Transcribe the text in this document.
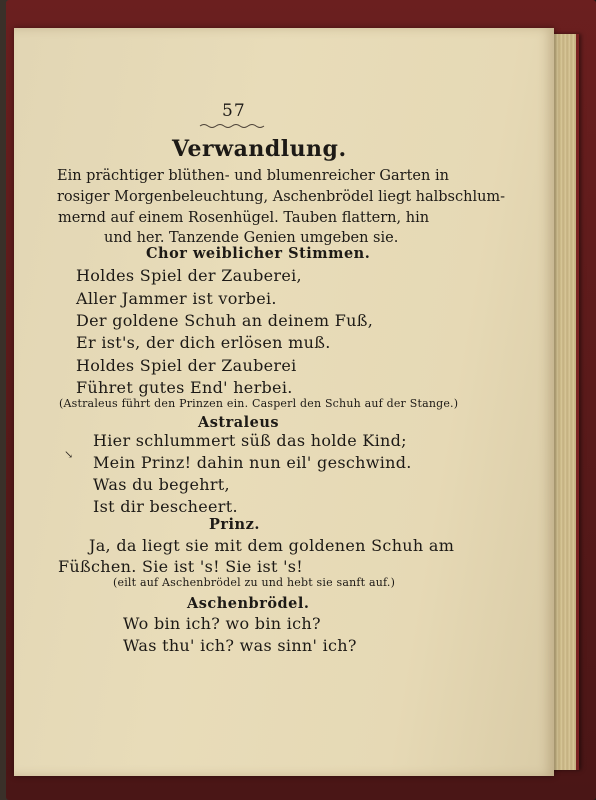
57
Verwandlung.
Ein prächtiger blüthen- und blumenreicher Garten in
rosiger Morgenbeleuchtung, Aschenbrödel liegt halbschlum-
mernd auf einem Rosenhügel. Tauben flattern, hin
und her. Tanzende Genien umgeben sie.
Chor weiblicher Stimmen.
Holdes Spiel der Zauberei,
Aller Jammer ist vorbei.
Der goldene Schuh an deinem Fuß,
Er ist's, der dich erlösen muß.
Holdes Spiel der Zauberei
Führet gutes End' herbei.
(Astraleus führt den Prinzen ein. Casperl den Schuh auf der Stange.)
Astraleus
↘
Hier schlummert süß das holde Kind;
Mein Prinz! dahin nun eil' geschwind.
Was du begehrt,
Ist dir bescheert.
Prinz.
Ja, da liegt sie mit dem goldenen Schuh am
Füßchen. Sie ist 's! Sie ist 's!
(eilt auf Aschenbrödel zu und hebt sie sanft auf.)
Aschenbrödel.
Wo bin ich? wo bin ich?
Was thu' ich? was sinn' ich?
